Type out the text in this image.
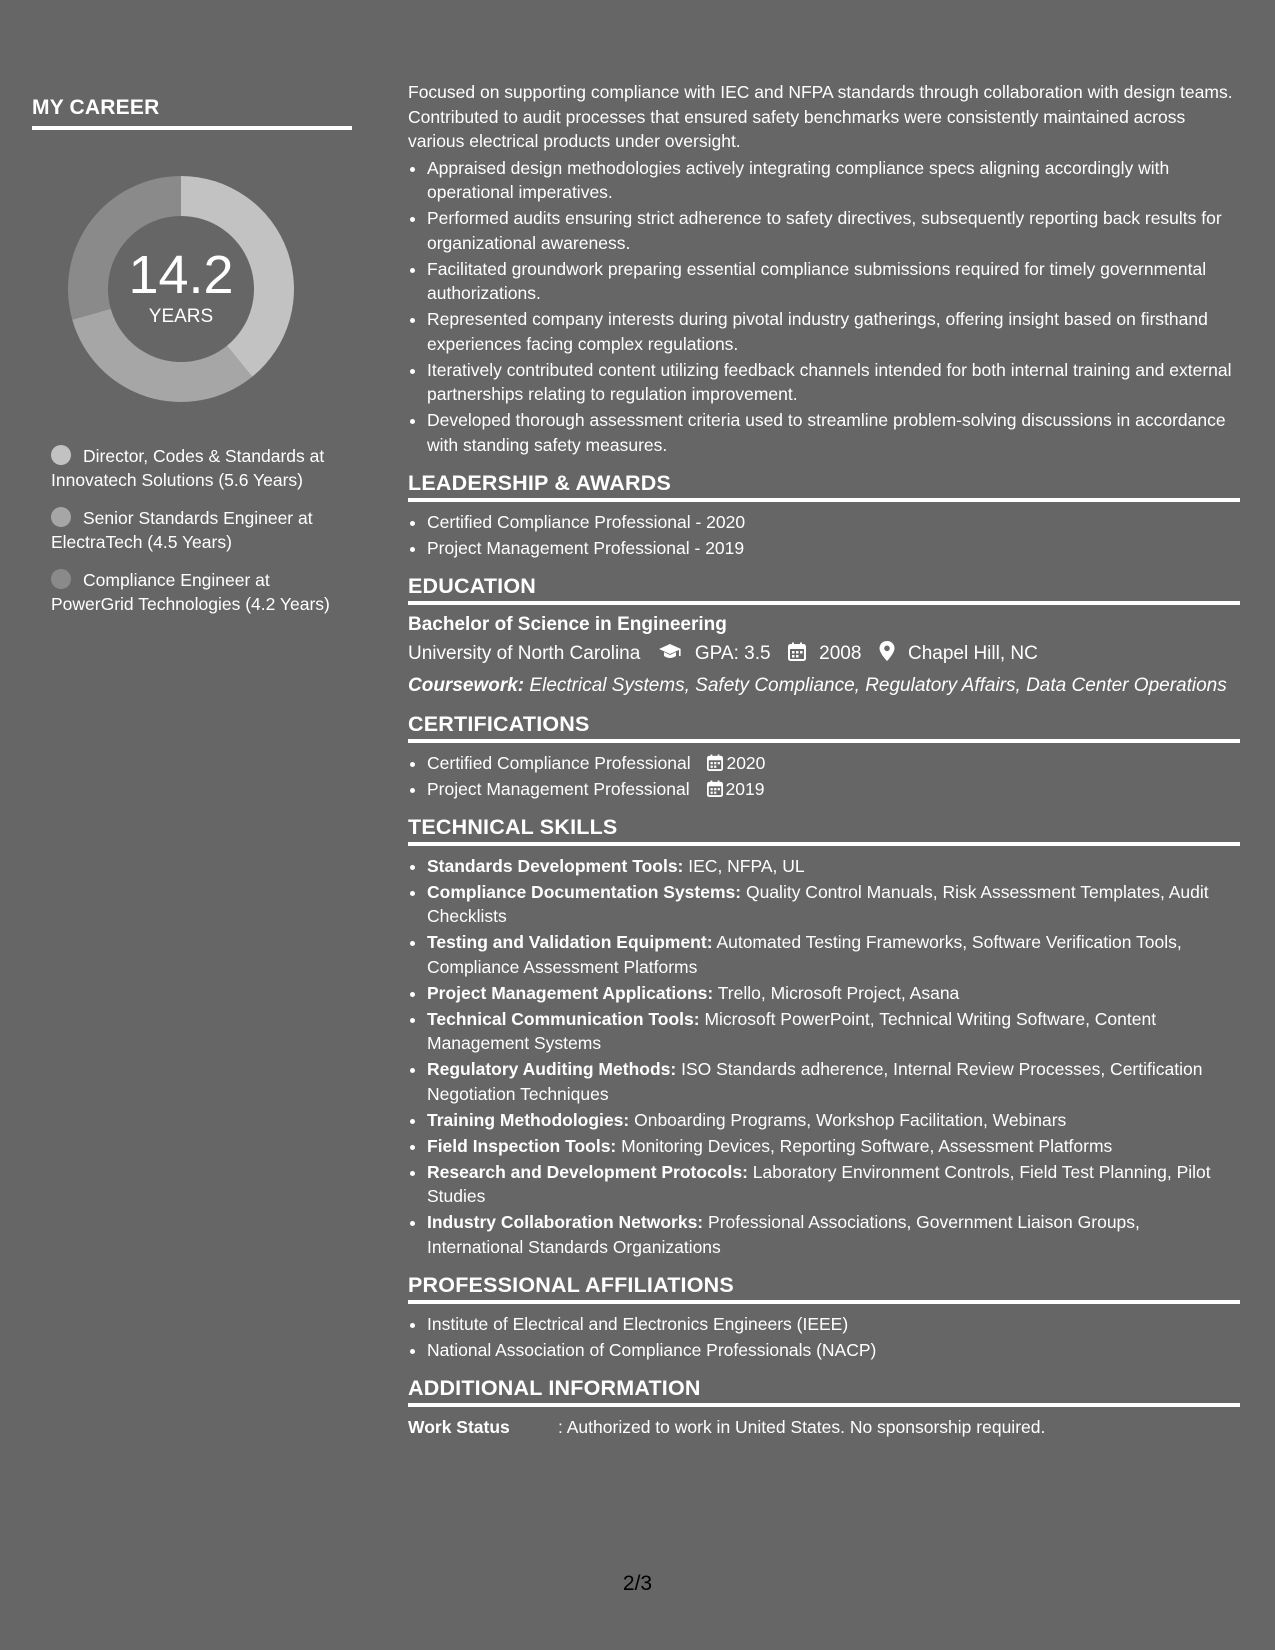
MY CAREER
14.2
YEARS
Director, Codes & Standards at Innovatech Solutions (5.6 Years)
Senior Standards Engineer at ElectraTech (4.5 Years)
Compliance Engineer at PowerGrid Technologies (4.2 Years)

Focused on supporting compliance with IEC and NFPA standards through collaboration with design teams. Contributed to audit processes that ensured safety benchmarks were consistently maintained across various electrical products under oversight.

• Appraised design methodologies actively integrating compliance specs aligning accordingly with operational imperatives.
• Performed audits ensuring strict adherence to safety directives, subsequently reporting back results for organizational awareness.
• Facilitated groundwork preparing essential compliance submissions required for timely governmental authorizations.
• Represented company interests during pivotal industry gatherings, offering insight based on firsthand experiences facing complex regulations.
• Iteratively contributed content utilizing feedback channels intended for both internal training and external partnerships relating to regulation improvement.
• Developed thorough assessment criteria used to streamline problem-solving discussions in accordance with standing safety measures.
LEADERSHIP & AWARDS
• Certified Compliance Professional - 2020
• Project Management Professional - 2019
EDUCATION
Bachelor of Science in Engineering
University of North Carolina	GPA: 3.5	2008 Chapel Hill, NC
Coursework: Electrical Systems, Safety Compliance, Regulatory Affairs, Data Center Operations
CERTIFICATIONS
• Certified Compliance Professional 2020
• Project Management Professional 2019
TECHNICAL SKILLS
• Standards Development Tools: IEC, NFPA, UL
• Compliance Documentation Systems: Quality Control Manuals, Risk Assessment Templates, Audit Checklists
• Testing and Validation Equipment: Automated Testing Frameworks, Software Verification Tools, Compliance Assessment Platforms
• Project Management Applications: Trello, Microsoft Project, Asana
• Technical Communication Tools: Microsoft PowerPoint, Technical Writing Software, Content Management Systems
• Regulatory Auditing Methods: ISO Standards adherence, Internal Review Processes, Certification Negotiation Techniques
• Training Methodologies: Onboarding Programs, Workshop Facilitation, Webinars
• Field Inspection Tools: Monitoring Devices, Reporting Software, Assessment Platforms
• Research and Development Protocols: Laboratory Environment Controls, Field Test Planning, Pilot Studies
• Industry Collaboration Networks: Professional Associations, Government Liaison Groups, International Standards Organizations
PROFESSIONAL AFFILIATIONS
• Institute of Electrical and Electronics Engineers (IEEE)
• National Association of Compliance Professionals (NACP)
ADDITIONAL INFORMATION
Work Status	: Authorized to work in United States. No sponsorship required.
2/3
